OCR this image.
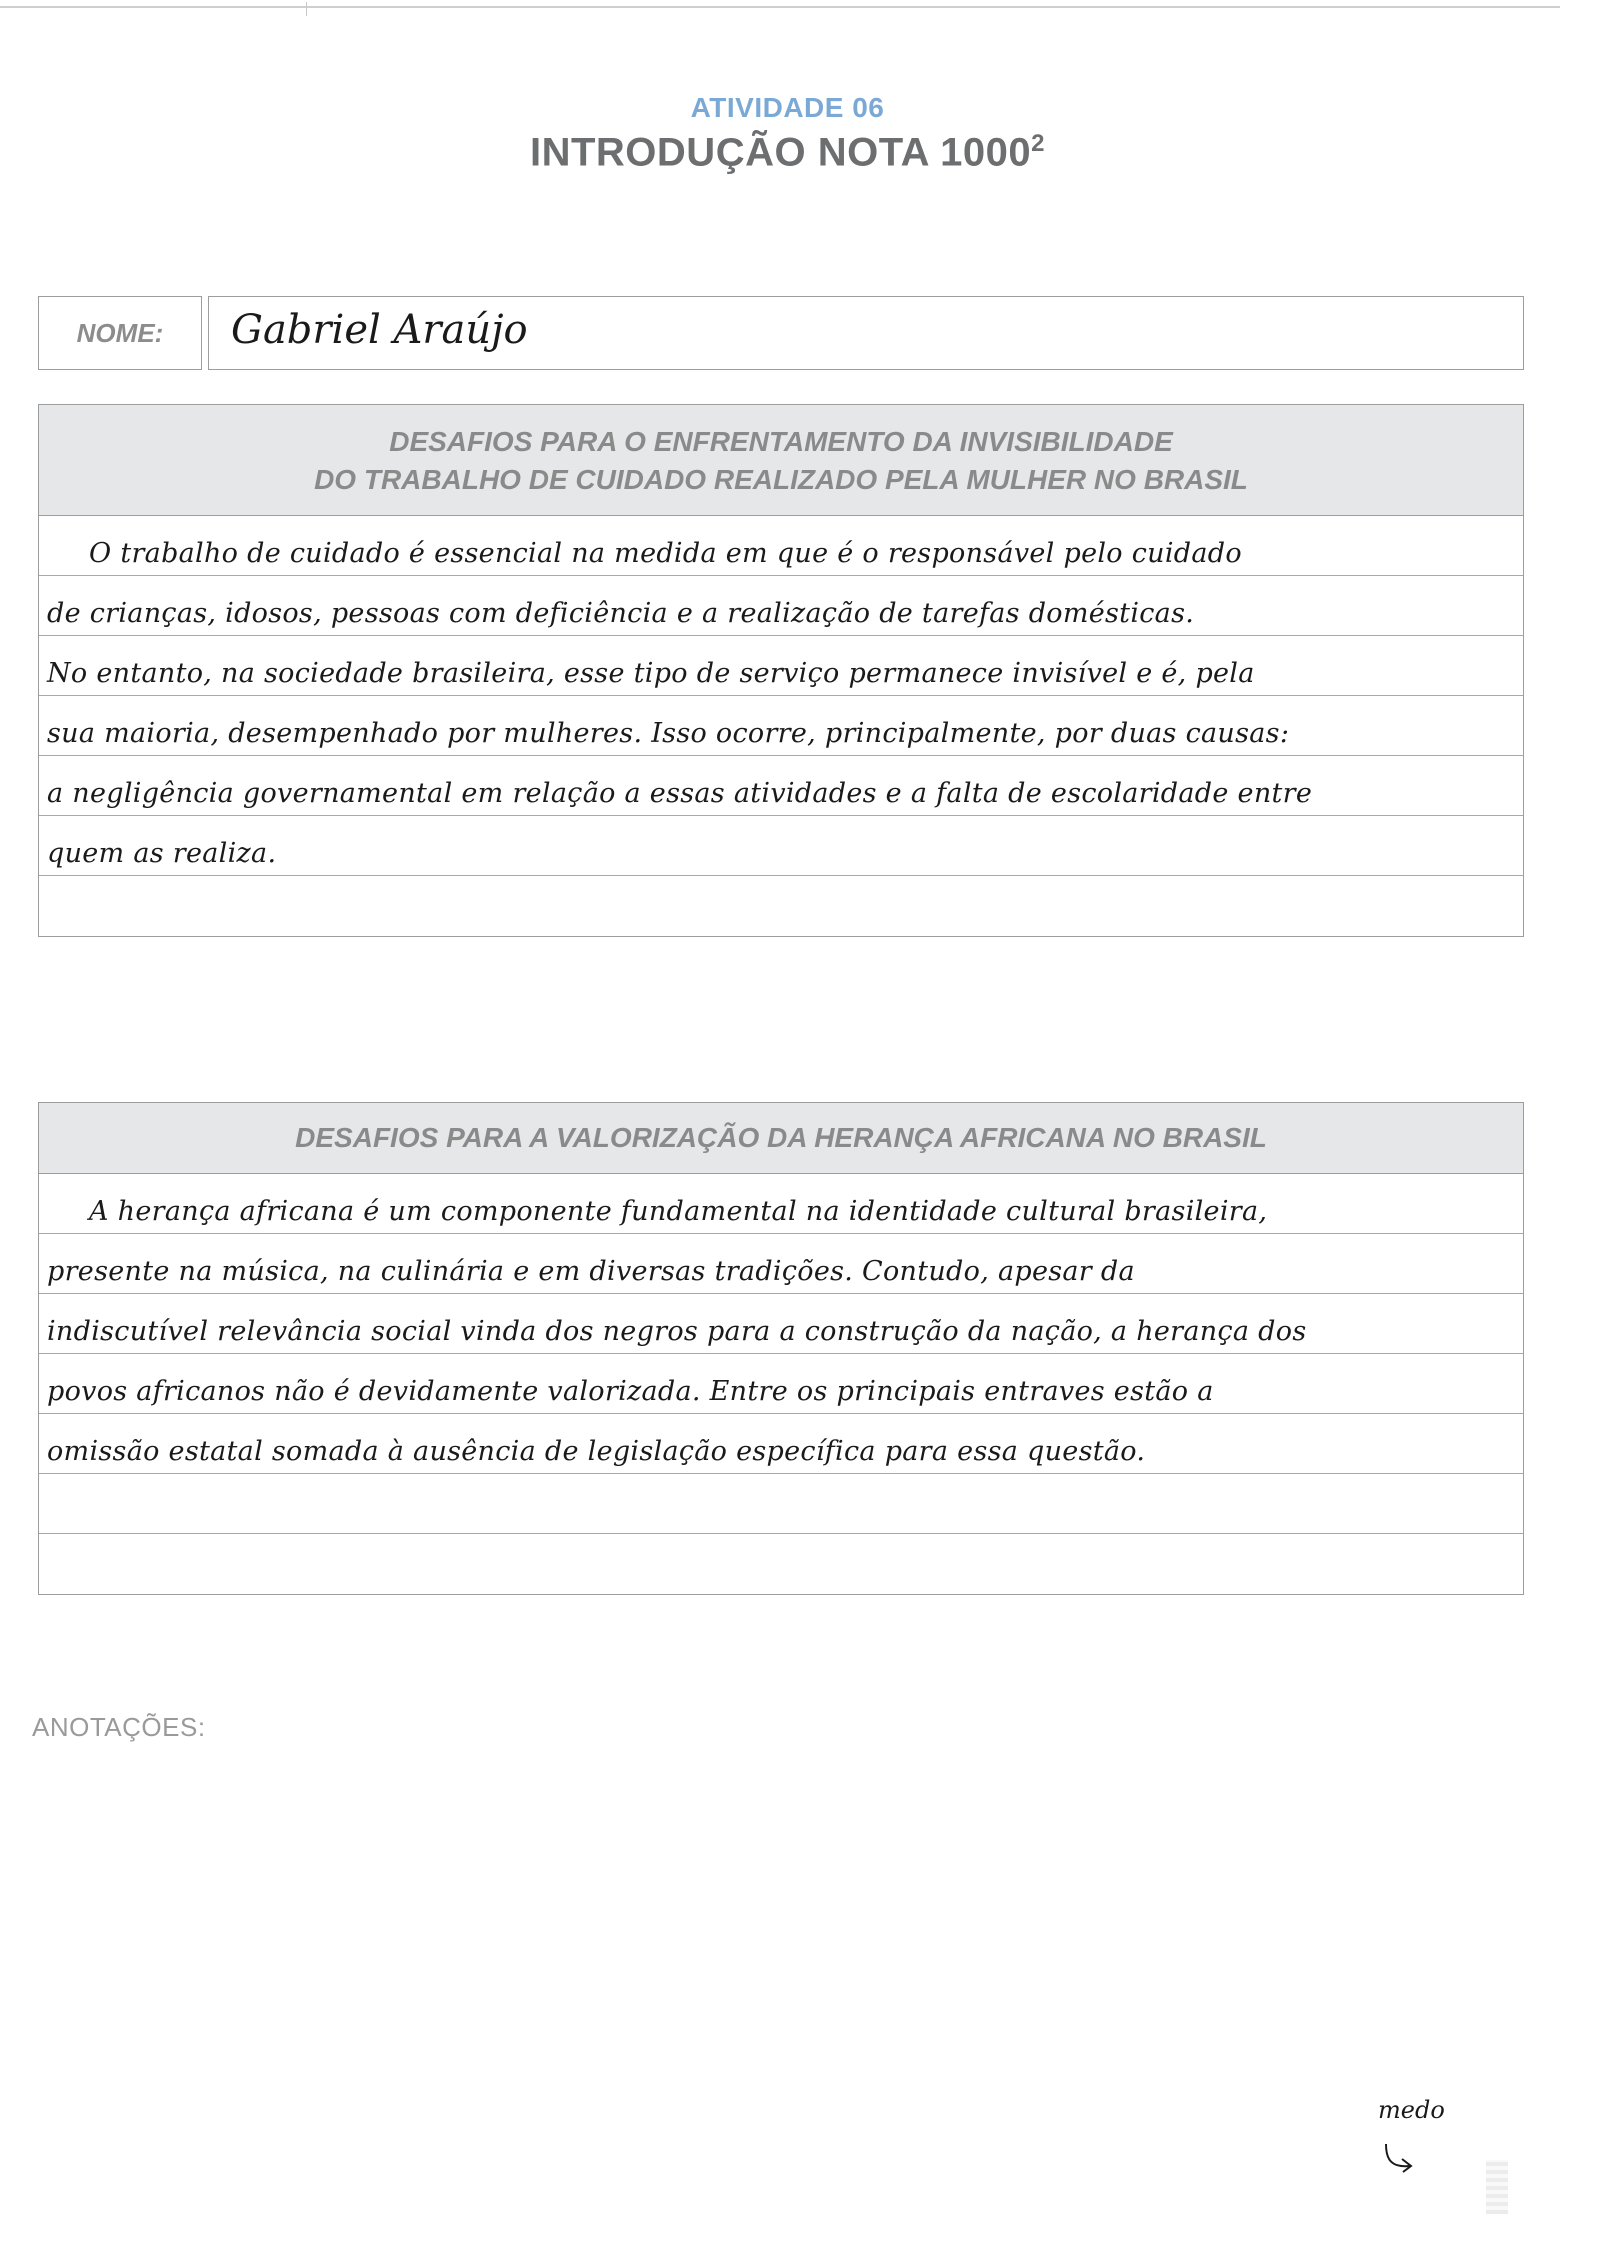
ATIVIDADE 06
INTRODUÇÃO NOTA 1000$^2$
NOME:	Gabriel Araújo
DESAFIOS PARA O ENFRENTAMENTO DA INVISIBILIDADE
DO TRABALHO DE CUIDADO REALIZADO PELA MULHER NO BRASIL
O trabalho de cuidado é essencial na medida em que é o responsável pelo cuidado
de crianças, idosos, pessoas com deficiência e a realização de tarefas domésticas.
No entanto, na sociedade brasileira, esse tipo de serviço permanece invisível e é, pela
sua maioria, desempenhado por mulheres. Isso ocorre, principalmente, por duas causas:
a negligência governamental em relação a essas atividades e a falta de escolaridade entre
quem as realiza.
DESAFIOS PARA A VALORIZAÇÃO DA HERANÇA AFRICANA NO BRASIL
A herança africana é um componente fundamental na identidade cultural brasileira,
presente na música, na culinária e em diversas tradições. Contudo, apesar da
indiscutível relevância social vinda dos negros para a construção da nação, a herança dos
povos africanos não é devidamente valorizada. Entre os principais entraves estão a
omissão estatal somada à ausência de legislação específica para essa questão.
ANOTAÇÕES:
medo
